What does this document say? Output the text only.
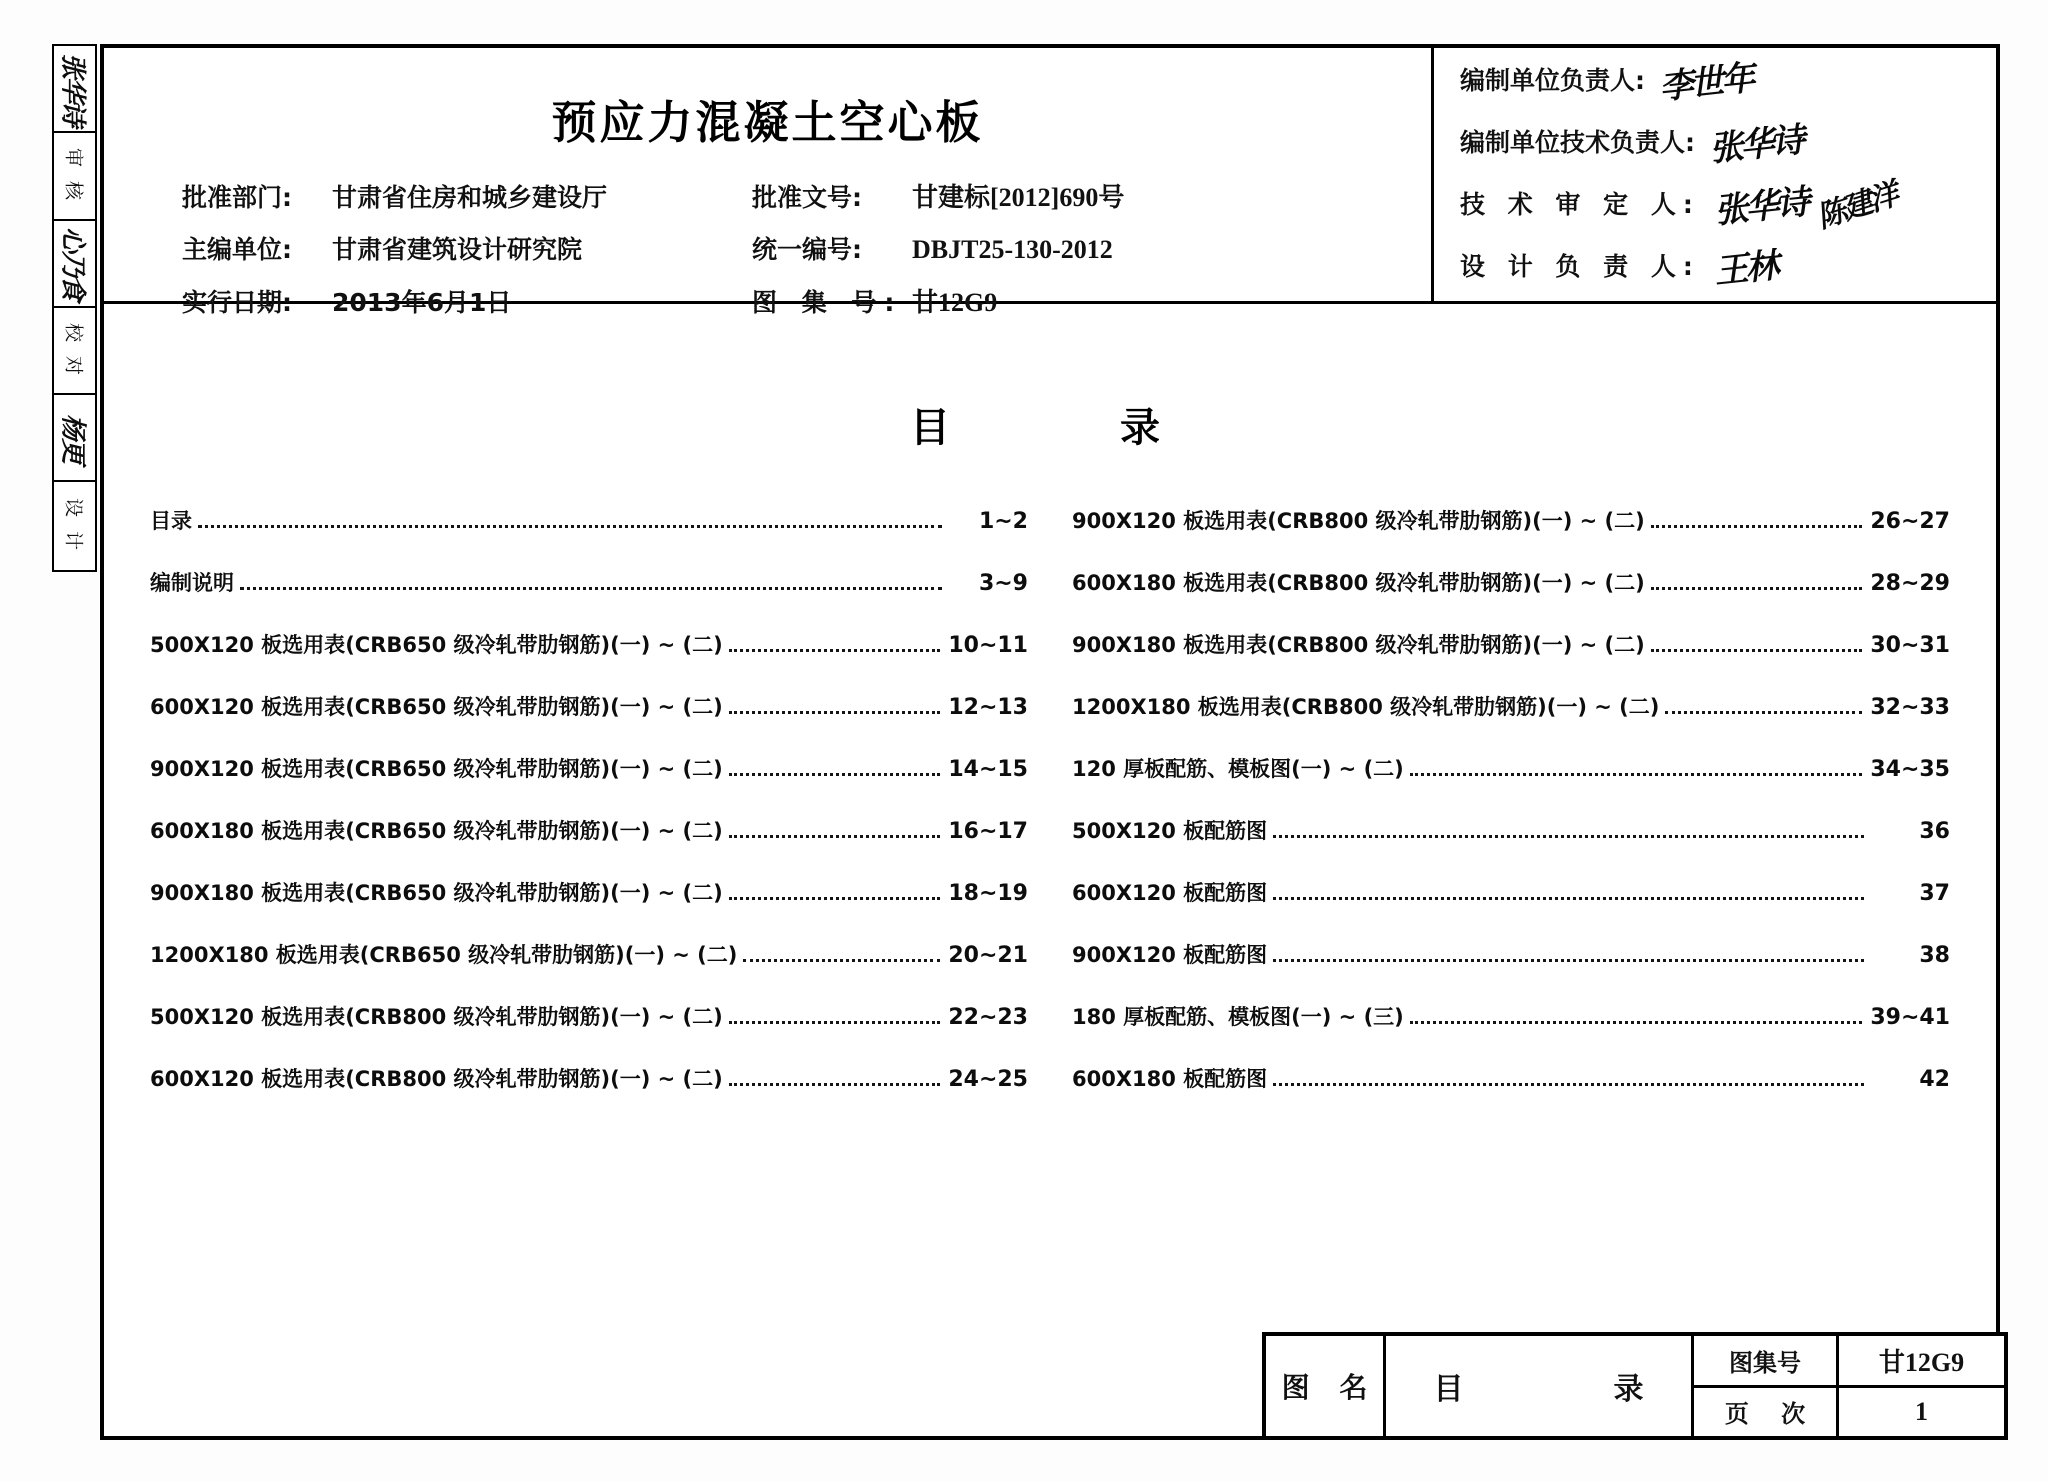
张华诗
审 核
心乃食
校 对
杨更
设 计
预应力混凝土空心板
批准部门:	甘肃省住房和城乡建设厅	批准文号:	甘建标[2012]690号
主编单位:	甘肃省建筑设计研究院	统一编号:	DBJT25-130-2012
实行日期:	2013年6月1日	图 集 号: 甘12G9
编制单位负责人: 李世年
编制单位技术负责人: 张华诗
技 术 审 定 人: 张华诗 陈建洋
设 计 负 责 人: 王林
目　　录
目录	1~2
编制说明	3~9
500X120 板选用表 (CRB650 级冷轧带肋钢筋) (一) ~ (二)	10~11
600X120 板选用表 (CRB650 级冷轧带肋钢筋) (一) ~ (二)	12~13
900X120 板选用表 (CRB650 级冷轧带肋钢筋) (一) ~ (二)	14~15
600X180 板选用表 (CRB650 级冷轧带肋钢筋) (一) ~ (二)	16~17
900X180 板选用表 (CRB650 级冷轧带肋钢筋) (一) ~ (二)	18~19
1200X180 板选用表 (CRB650 级冷轧带肋钢筋) (一) ~ (二)	20~21
500X120 板选用表 (CRB800 级冷轧带肋钢筋) (一) ~ (二)	22~23
600X120 板选用表 (CRB800 级冷轧带肋钢筋) (一) ~ (二)	24~25
900X120 板选用表 (CRB800 级冷轧带肋钢筋) (一) ~ (二)	26~27
600X180 板选用表 (CRB800 级冷轧带肋钢筋) (一) ~ (二)	28~29
900X180 板选用表 (CRB800 级冷轧带肋钢筋) (一) ~ (二)	30~31
1200X180 板选用表 (CRB800 级冷轧带肋钢筋) (一) ~ (二)	32~33
120 厚板配筋、模板图 (一) ~ (二)	34~35
500X120 板配筋图	36
600X120 板配筋图	37
900X120 板配筋图	38
180 厚板配筋、模板图 (一) ~ (三)	39~41
600X180 板配筋图	42
图 名	目　　录
图集号	甘12G9
页 次	1
